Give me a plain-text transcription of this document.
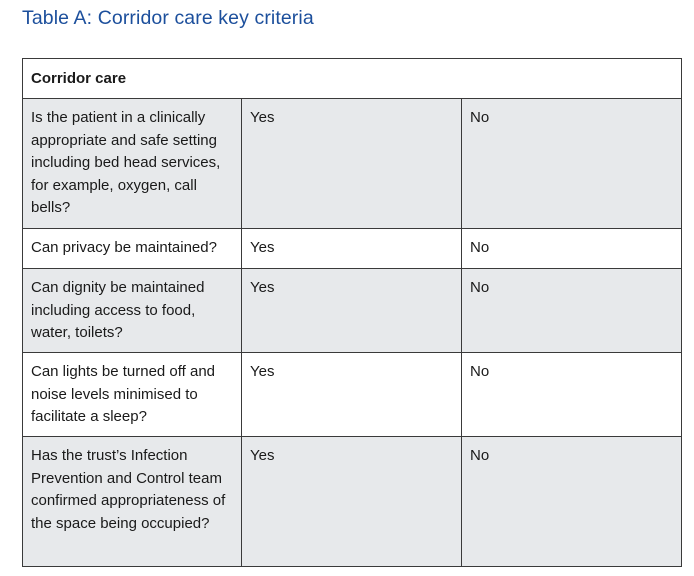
Table A: Corridor care key criteria
Corridor care		
Is the patient in a clinically appropriate and safe setting including bed head services, for example, oxygen, call bells?	Yes	No
Can privacy be maintained?	Yes	No
Can dignity be maintained including access to food, water, toilets?	Yes	No
Can lights be turned off and noise levels minimised to facilitate a sleep?	Yes	No
Has the trust’s Infection Prevention and Control team confirmed appropriateness of the space being occupied?	Yes	No
